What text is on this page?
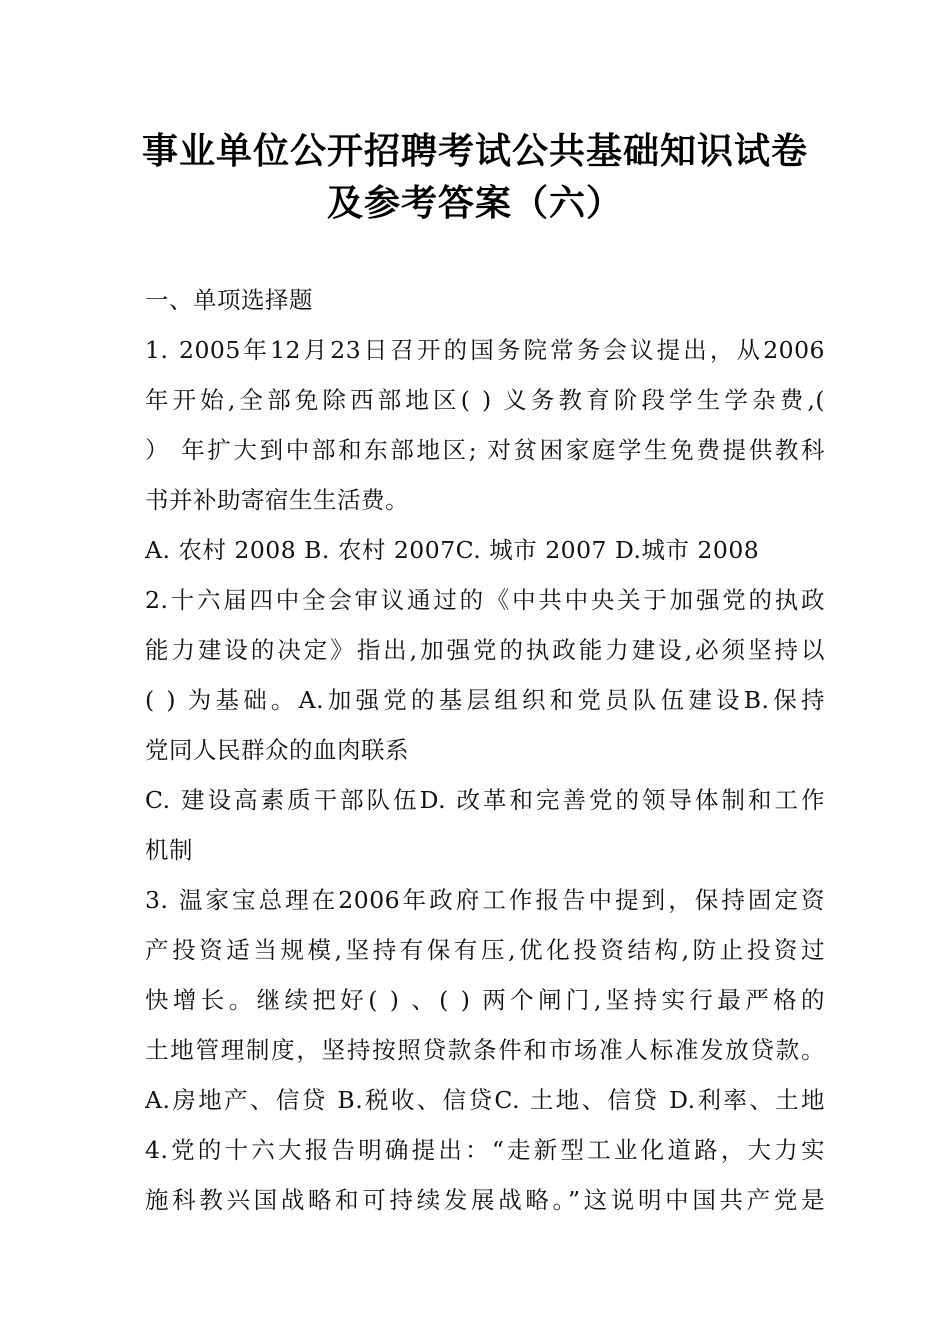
事业单位公开招聘考试公共基础知识试卷
及参考答案（六）
一、单项选择题
1. 2005年12月23日召开的国务院常务会议提出，从2006
年开始,全部免除西部地区( ) 义务教育阶段学生学杂费,(
） 年扩大到中部和东部地区; 对贫困家庭学生免费提供教科
书并补助寄宿生生活费。
A. 农村 2008 B. 农村 2007C. 城市 2007 D.城市 2008
2.十六届四中全会审议通过的《中共中央关于加强党的执政
能力建设的决定》指出,加强党的执政能力建设,必须坚持以
( ) 为基础。A.加强党的基层组织和党员队伍建设B.保持
党同人民群众的血肉联系
C. 建设高素质干部队伍D. 改革和完善党的领导体制和工作
机制
3. 温家宝总理在2006年政府工作报告中提到，保持固定资
产投资适当规模,坚持有保有压,优化投资结构,防止投资过
快增长。继续把好( ) 、( ) 两个闸门,坚持实行最严格的
土地管理制度，坚持按照贷款条件和市场准人标准发放贷款。
A.房地产、信贷 B.税收、信贷C. 土地、信贷 D.利率、土地
4.党的十六大报告明确提出：“走新型工业化道路，大力实
施科教兴国战略和可持续发展战略。”这说明中国共产党是
